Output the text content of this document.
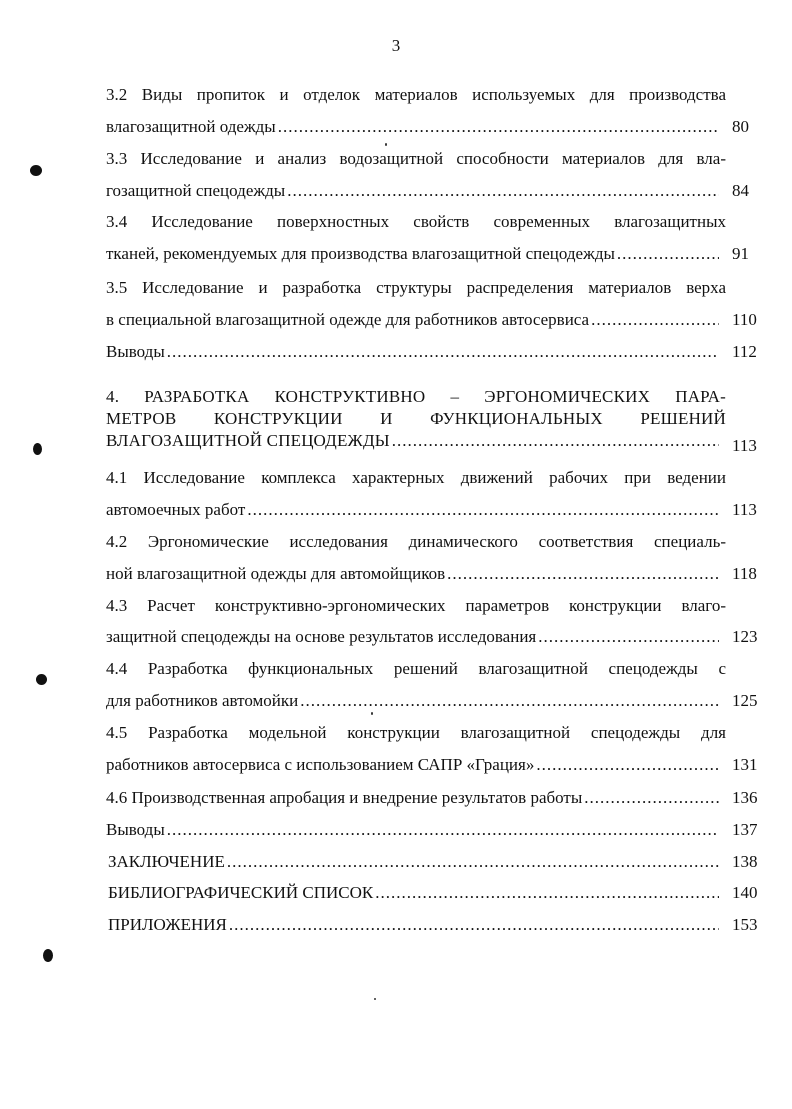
3
3.2 Виды пропиток и отделок материалов используемых для производства
влагозащитной одежды .....	80
3.3 Исследование и анализ водозащитной способности материалов для вла-
гозащитной спецодежды .....	84
3.4 Исследование поверхностных свойств современных влагозащитных
тканей, рекомендуемых для производства влагозащитной спецодежды .....	91
3.5 Исследование и разработка структуры распределения материалов верха
в специальной влагозащитной одежде для работников автосервиса .....	110
Выводы .....	112
4. РАЗРАБОТКА КОНСТРУКТИВНО – ЭРГОНОМИЧЕСКИХ ПАРА-
МЕТРОВ КОНСТРУКЦИИ И ФУНКЦИОНАЛЬНЫХ РЕШЕНИЙ
ВЛАГОЗАЩИТНОЙ СПЕЦОДЕЖДЫ .....	113
4.1 Исследование комплекса характерных движений рабочих при ведении
автомоечных работ .....	113
4.2 Эргономические исследования динамического соответствия специаль-
ной влагозащитной одежды для автомойщиков .....	118
4.3 Расчет конструктивно-эргономических параметров конструкции влаго-
защитной спецодежды на основе результатов исследования .....	123
4.4 Разработка функциональных решений влагозащитной спецодежды с
для работников автомойки .....	125
4.5 Разработка модельной конструкции влагозащитной спецодежды для
работников автосервиса с использованием САПР «Грация» .....	131
4.6 Производственная апробация и внедрение результатов работы .....	136
Выводы .....	137
ЗАКЛЮЧЕНИЕ .....	138
БИБЛИОГРАФИЧЕСКИЙ СПИСОК .....	140
ПРИЛОЖЕНИЯ .....	153
